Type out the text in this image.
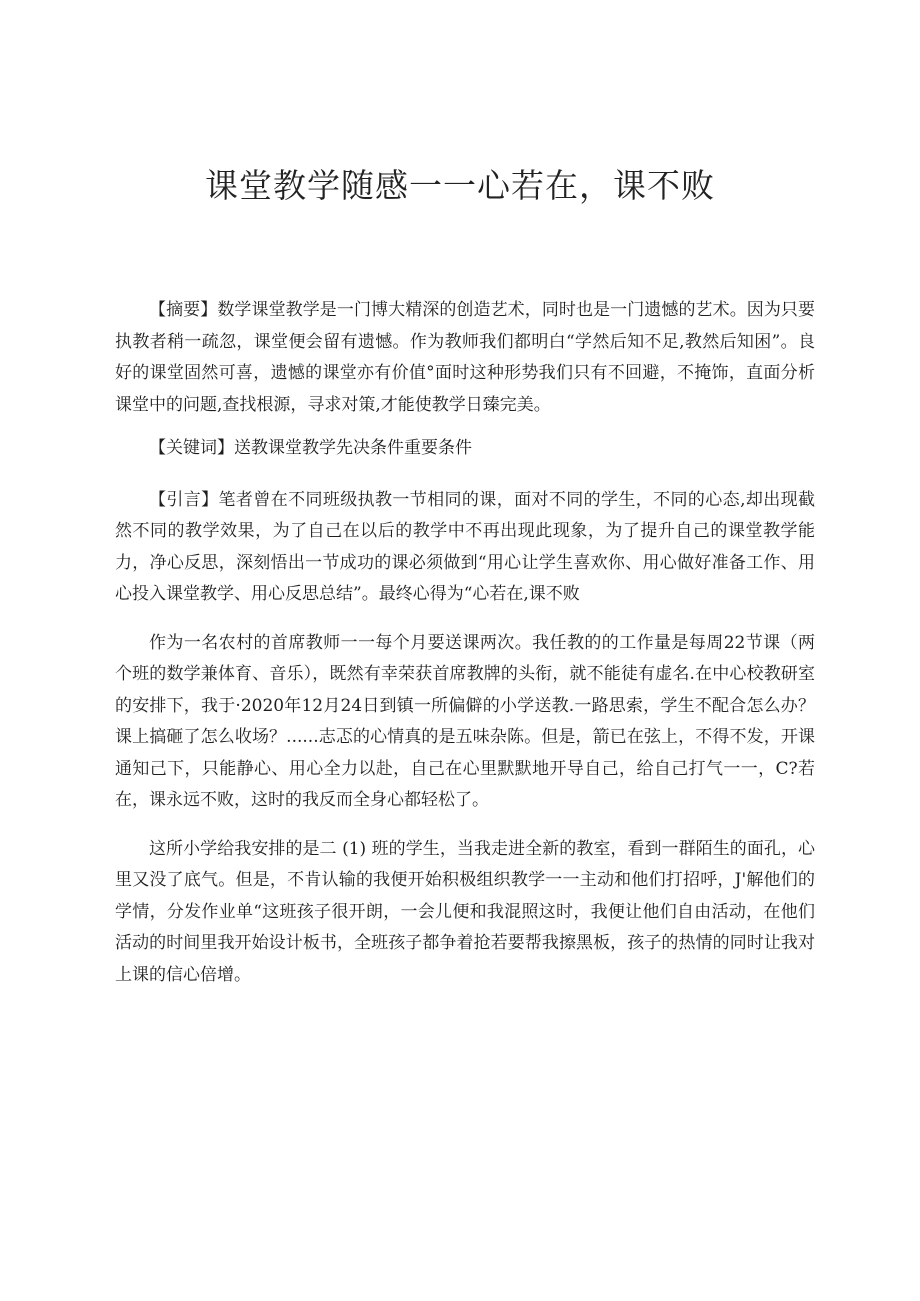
课堂教学随感一一心若在，课不败

【摘要】数学课堂教学是一门博大精深的创造艺术，同时也是一门遗憾的艺术。因为只要执教者稍一疏忽，课堂便会留有遗憾。作为教师我们都明白“学然后知不足,教然后知困”。良好的课堂固然可喜，遗憾的课堂亦有价值°面时这种形势我们只有不回避，不掩饰，直面分析课堂中的问题,查找根源，寻求对策,才能使教学日臻完美。

【关键词】送教课堂教学先决条件重要条件

【引言】笔者曾在不同班级执教一节相同的课，面对不同的学生，不同的心态,却出现截然不同的教学效果，为了自己在以后的教学中不再出现此现象，为了提升自己的课堂教学能力，净心反思，深刻悟出一节成功的课必须做到“用心让学生喜欢你、用心做好准备工作、用心投入课堂教学、用心反思总结”。最终心得为“心若在,课不败

作为一名农村的首席教师一一每个月要送课两次。我任教的的工作量是每周22节课（两个班的数学兼体育、音乐），既然有幸荣获首席教牌的头衔，就不能徒有虚名.在中心校教研室的安排下，我于·2020年12月24日到镇一所偏僻的小学送教.一路思索，学生不配合怎么办？课上搞砸了怎么收场？......志忑的心情真的是五味杂陈。但是，箭已在弦上，不得不发，开课通知己下，只能静心、用心全力以赴，自己在心里默默地开导自己，给自己打气一一，C?若在，课永远不败，这时的我反而全身心都轻松了。

这所小学给我安排的是二 (1) 班的学生，当我走进全新的教室，看到一群陌生的面孔，心里又没了底气。但是，不肯认输的我便开始积极组织教学一一主动和他们打招呼，J'解他们的学情，分发作业单“这班孩子很开朗，一会儿便和我混照这时，我便让他们自由活动，在他们活动的时间里我开始设计板书，全班孩子都争着抢若要帮我擦黑板，孩子的热情的同时让我对上课的信心倍增。
